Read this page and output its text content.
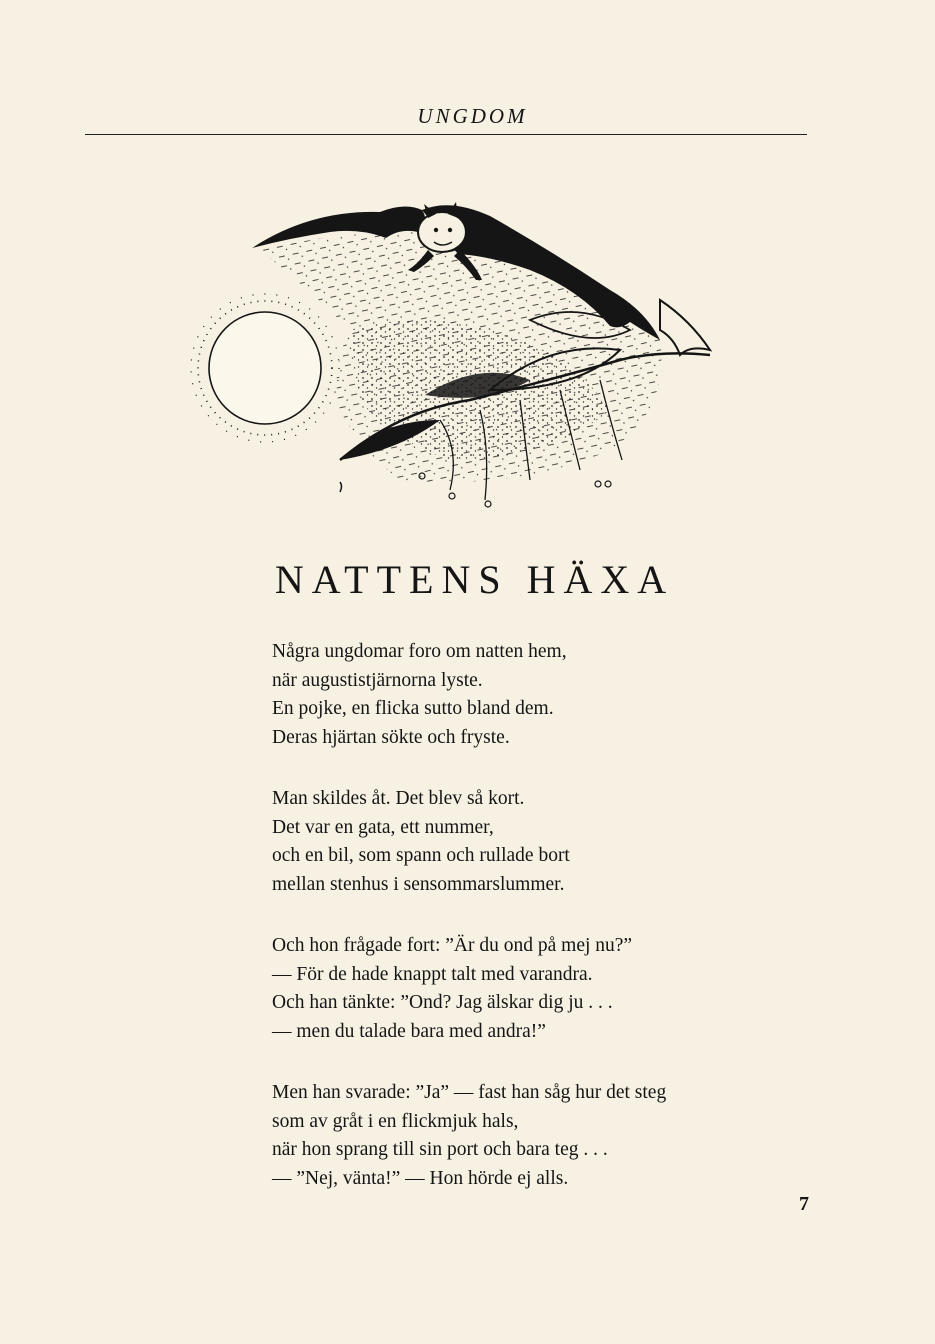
UNGDOM
NATTENS HÄXA
Några ungdomar foro om natten hem,
när augustistjärnorna lyste.
En pojke, en flicka sutto bland dem.
Deras hjärtan sökte och fryste.
Man skildes åt. Det blev så kort.
Det var en gata, ett nummer,
och en bil, som spann och rullade bort
mellan stenhus i sensommarslummer.
Och hon frågade fort: ”Är du ond på mej nu?”
— För de hade knappt talt med varandra.
Och han tänkte: ”Ond? Jag älskar dig ju . . .
— men du talade bara med andra!”
Men han svarade: ”Ja” — fast han såg hur det steg
som av gråt i en flickmjuk hals,
när hon sprang till sin port och bara teg . . .
— ”Nej, vänta!” — Hon hörde ej alls.
7
